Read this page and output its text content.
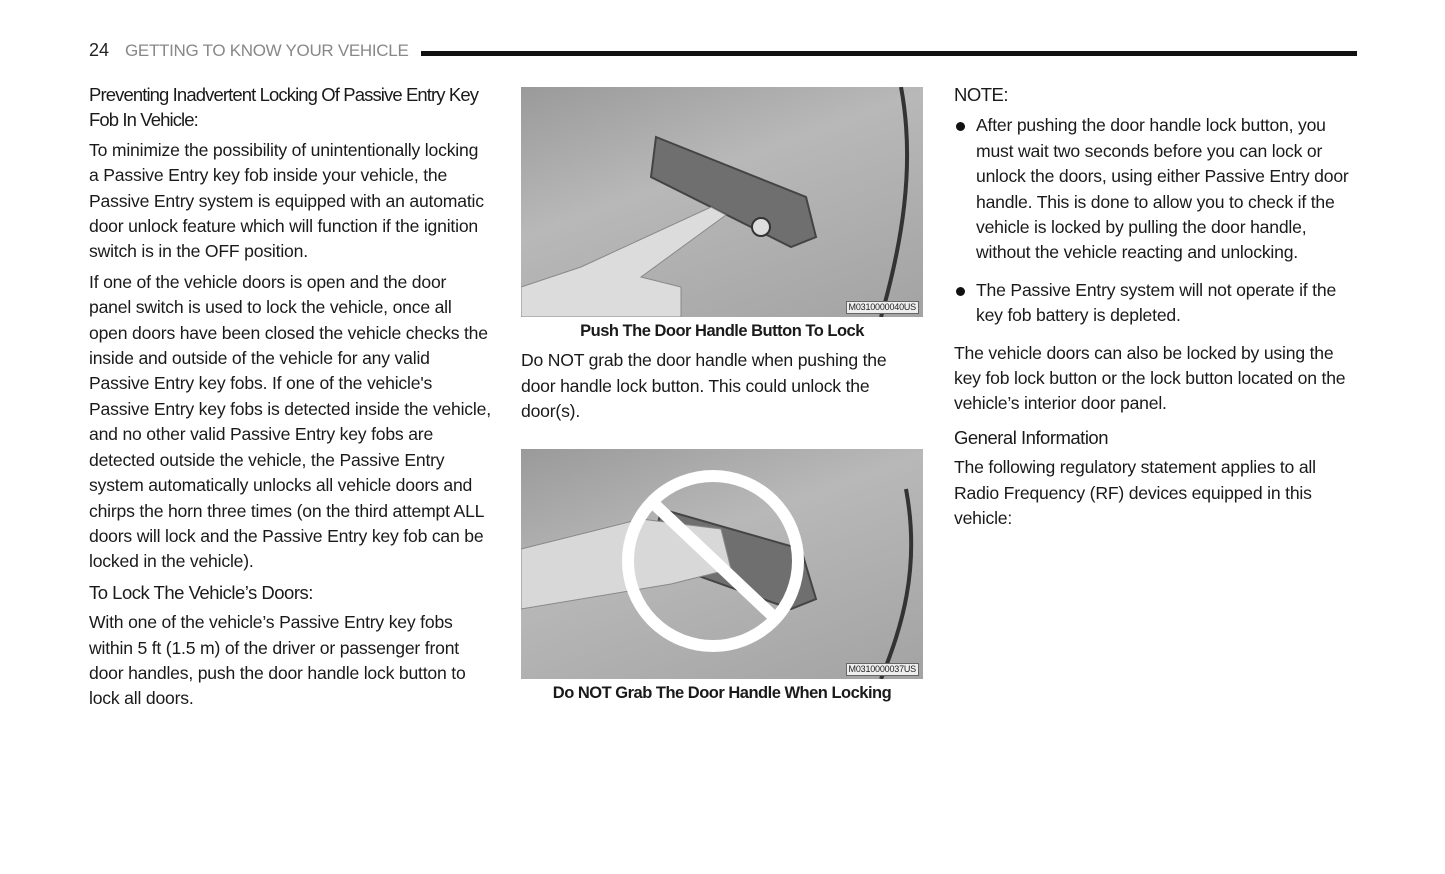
24 GETTING TO KNOW YOUR VEHICLE
Preventing Inadvertent Locking Of Passive Entry Key Fob In Vehicle:

To minimize the possibility of unintentionally locking a Passive Entry key fob inside your vehicle, the Passive Entry system is equipped with an automatic door unlock feature which will function if the ignition switch is in the OFF position.

If one of the vehicle doors is open and the door panel switch is used to lock the vehicle, once all open doors have been closed the vehicle checks the inside and outside of the vehicle for any valid Passive Entry key fobs. If one of the vehicle's Passive Entry key fobs is detected inside the vehicle, and no other valid Passive Entry key fobs are detected outside the vehicle, the Passive Entry system automatically unlocks all vehicle doors and chirps the horn three times (on the third attempt ALL doors will lock and the Passive Entry key fob can be locked in the vehicle).

To Lock The Vehicle’s Doors:

With one of the vehicle’s Passive Entry key fobs within 5 ft (1.5 m) of the driver or passenger front door handles, push the door handle lock button to lock all doors.

M0310000040US
Push The Door Handle Button To Lock

Do NOT grab the door handle when pushing the door handle lock button. This could unlock the door(s).

M0310000037US
Do NOT Grab The Door Handle When Locking
NOTE:
After pushing the door handle lock button, you must wait two seconds before you can lock or unlock the doors, using either Passive Entry door handle. This is done to allow you to check if the vehicle is locked by pulling the door handle, without the vehicle reacting and unlocking.
The Passive Entry system will not operate if the key fob battery is depleted.

The vehicle doors can also be locked by using the key fob lock button or the lock button located on the vehicle’s interior door panel.

General Information

The following regulatory statement applies to all Radio Frequency (RF) devices equipped in this vehicle:
